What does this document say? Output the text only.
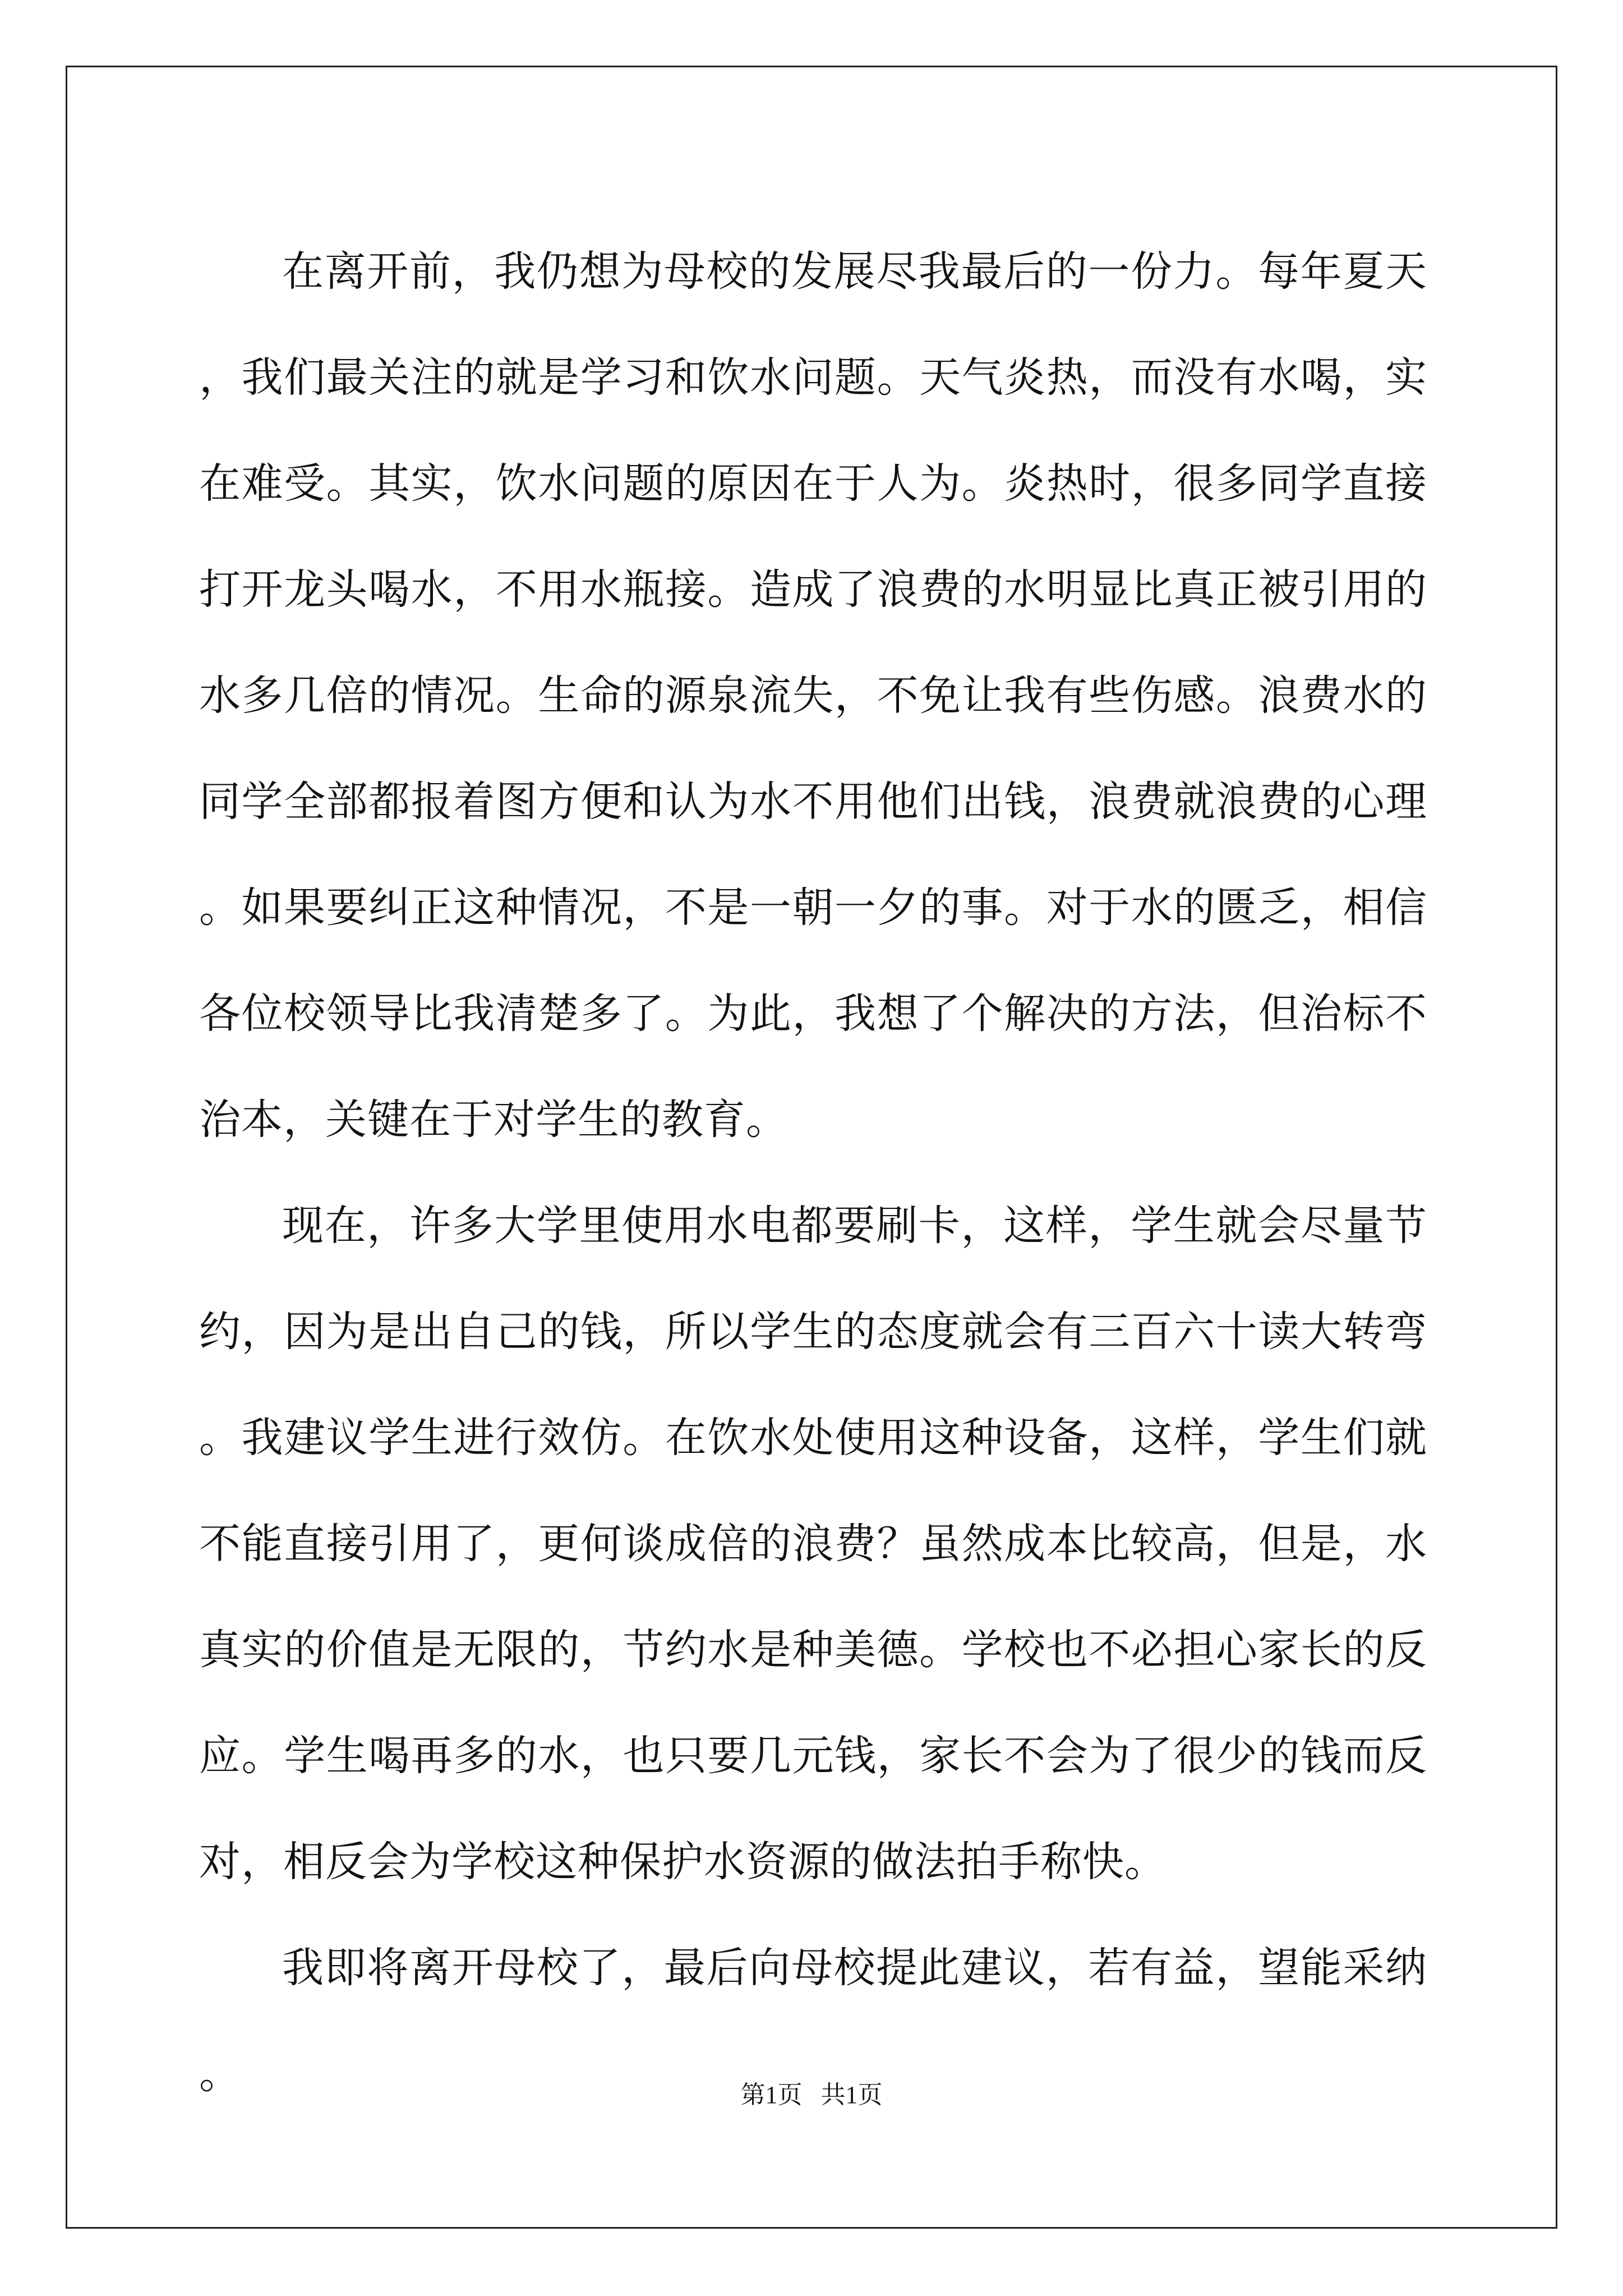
在离开前，我仍想为母校的发展尽我最后的一份力。每年夏天，我们最关注的就是学习和饮水问题。天气炎热，而没有水喝，实在难受。其实，饮水问题的原因在于人为。炎热时，很多同学直接打开龙头喝水，不用水瓶接。造成了浪费的水明显比真正被引用的水多几倍的情况。生命的源泉流失，不免让我有些伤感。浪费水的同学全部都报着图方便和认为水不用他们出钱，浪费就浪费的心理。如果要纠正这种情况，不是一朝一夕的事。对于水的匮乏，相信各位校领导比我清楚多了。为此，我想了个解决的方法，但治标不治本，关键在于对学生的教育。

现在，许多大学里使用水电都要刷卡，这样，学生就会尽量节约，因为是出自己的钱，所以学生的态度就会有三百六十读大转弯。我建议学生进行效仿。在饮水处使用这种设备，这样，学生们就不能直接引用了，更何谈成倍的浪费？虽然成本比较高，但是，水真实的价值是无限的，节约水是种美德。学校也不必担心家长的反应。学生喝再多的水，也只要几元钱，家长不会为了很少的钱而反对，相反会为学校这种保护水资源的做法拍手称快。

我即将离开母校了，最后向母校提此建议，若有益，望能采纳。	第1页   共1页
